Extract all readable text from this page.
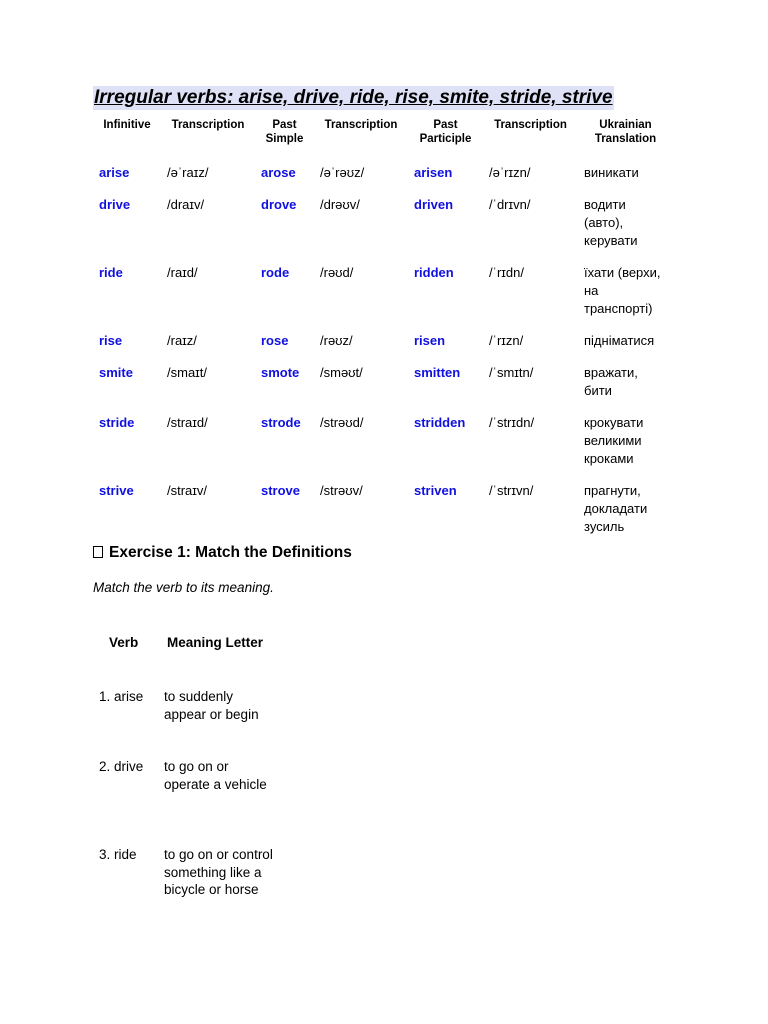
Irregular verbs: arise, drive, ride, rise, smite, stride, strive
Infinitive	Transcription	Past Simple	Transcription	Past Participle	Transcription	Ukrainian Translation
arise	/əˈraɪz/	arose	/əˈrəʊz/	arisen	/əˈrɪzn/	виникати
drive	/draɪv/	drove	/drəʊv/	driven	/ˈdrɪvn/	водити (авто), керувати
ride	/raɪd/	rode	/rəʊd/	ridden	/ˈrɪdn/	їхати (верхи, на транспорті)
rise	/raɪz/	rose	/rəʊz/	risen	/ˈrɪzn/	підніматися
smite	/smaɪt/	smote	/sməʊt/	smitten	/ˈsmɪtn/	вражати, бити
stride	/straɪd/	strode	/strəʊd/	stridden	/ˈstrɪdn/	крокувати великими кроками
strive	/straɪv/	strove	/strəʊv/	striven	/ˈstrɪvn/	прагнути, докладати зусиль
Exercise 1: Match the Definitions
Match the verb to its meaning.
Verb Meaning Letter
1. arise to suddenly appear or begin
2. drive to go on or operate a vehicle
3. ride to go on or control something like a bicycle or horse
